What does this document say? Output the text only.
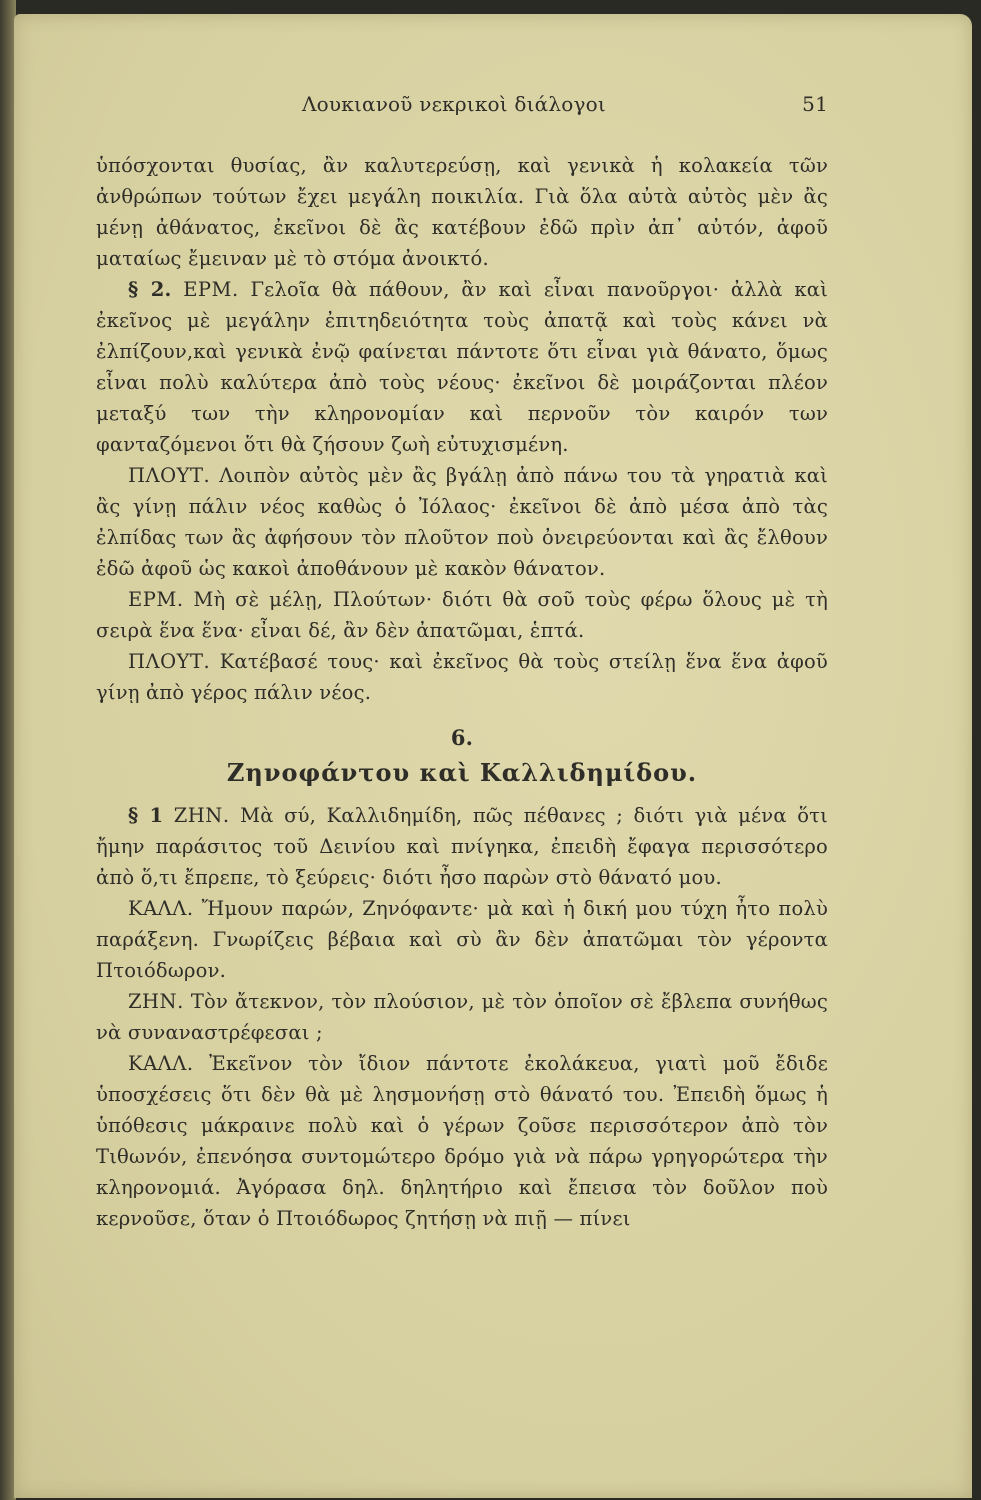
Λουκιανοῦ νεκρικοὶ διάλογοι	51

ὑπόσχονται θυσίας, ἂν καλυτερεύσῃ, καὶ γενικὰ ἡ κολακεία τῶν ἀνθρώπων τούτων ἔχει μεγάλη ποικιλία. Γιὰ ὅλα αὐτὰ αὐτὸς μὲν ἂς μένῃ ἀθάνατος, ἐκεῖνοι δὲ ἂς κατέβουν ἐδῶ πρὶν ἀπ᾿ αὐτόν, ἀφοῦ ματαίως ἔμειναν μὲ τὸ στόμα ἀνοικτό.

§ 2. ΕΡΜ. Γελοῖα θὰ πάθουν, ἂν καὶ εἶναι πανοῦργοι· ἀλλὰ καὶ ἐκεῖνος μὲ μεγάλην ἐπιτηδειότητα τοὺς ἀπατᾷ καὶ τοὺς κάνει νὰ ἐλπίζουν,καὶ γενικὰ ἐνῷ φαίνεται πάντοτε ὅτι εἶναι γιὰ θάνατο, ὅμως εἶναι πολὺ καλύτερα ἀπὸ τοὺς νέους· ἐκεῖνοι δὲ μοιράζονται πλέον μεταξύ των τὴν κληρονομίαν καὶ περνοῦν τὸν καιρόν των φανταζόμενοι ὅτι θὰ ζήσουν ζωὴ εὐτυχισμένη.

ΠΛΟΥΤ. Λοιπὸν αὐτὸς μὲν ἂς βγάλῃ ἀπὸ πάνω του τὰ γηρατιὰ καὶ ἂς γίνῃ πάλιν νέος καθὼς ὁ Ἰόλαος· ἐκεῖνοι δὲ ἀπὸ μέσα ἀπὸ τὰς ἐλπίδας των ἂς ἀφήσουν τὸν πλοῦτον ποὺ ὀνειρεύονται καὶ ἂς ἔλθουν ἐδῶ ἀφοῦ ὡς κακοὶ ἀποθάνουν μὲ κακὸν θάνατον.

ΕΡΜ. Μὴ σὲ μέλῃ, Πλούτων· διότι θὰ σοῦ τοὺς φέρω ὅλους μὲ τὴ σειρὰ ἕνα ἕνα· εἶναι δέ, ἂν δὲν ἀπατῶμαι, ἑπτά.

ΠΛΟΥΤ. Κατέβασέ τους· καὶ ἐκεῖνος θὰ τοὺς στείλῃ ἕνα ἕνα ἀφοῦ γίνῃ ἀπὸ γέρος πάλιν νέος.

6.
Ζηνοφάντου καὶ Καλλιδημίδου.

§ 1 ΖΗΝ. Μὰ σύ, Καλλιδημίδη, πῶς πέθανες ; διότι γιὰ μένα ὅτι ἤμην παράσιτος τοῦ Δεινίου καὶ πνίγηκα, ἐπειδὴ ἔφαγα περισσότερο ἀπὸ ὅ,τι ἔπρεπε, τὸ ξεύρεις· διότι ἦσο παρὼν στὸ θάνατό μου.

ΚΑΛΛ. Ἤμουν παρών, Ζηνόφαντε· μὰ καὶ ἡ δική μου τύχη ἦτο πολὺ παράξενη. Γνωρίζεις βέβαια καὶ σὺ ἂν δὲν ἀπατῶμαι τὸν γέροντα Πτοιόδωρον.

ΖΗΝ. Τὸν ἄτεκνον, τὸν πλούσιον, μὲ τὸν ὁποῖον σὲ ἔβλεπα συνήθως νὰ συναναστρέφεσαι ;

ΚΑΛΛ. Ἐκεῖνον τὸν ἴδιον πάντοτε ἐκολάκευα, γιατὶ μοῦ ἔδιδε ὑποσχέσεις ὅτι δὲν θὰ μὲ λησμονήσῃ στὸ θάνατό του. Ἐπειδὴ ὅμως ἡ ὑπόθεσις μάκραινε πολὺ καὶ ὁ γέρων ζοῦσε περισσότερον ἀπὸ τὸν Τιθωνόν, ἐπενόησα συντομώτερο δρόμο γιὰ νὰ πάρω γρηγορώτερα τὴν κληρονομιά. Ἀγόρασα δηλ. δηλητήριο καὶ ἔπεισα τὸν δοῦλον ποὺ κερνοῦσε, ὅταν ὁ Πτοιόδωρος ζητήσῃ νὰ πιῇ — πίνει
